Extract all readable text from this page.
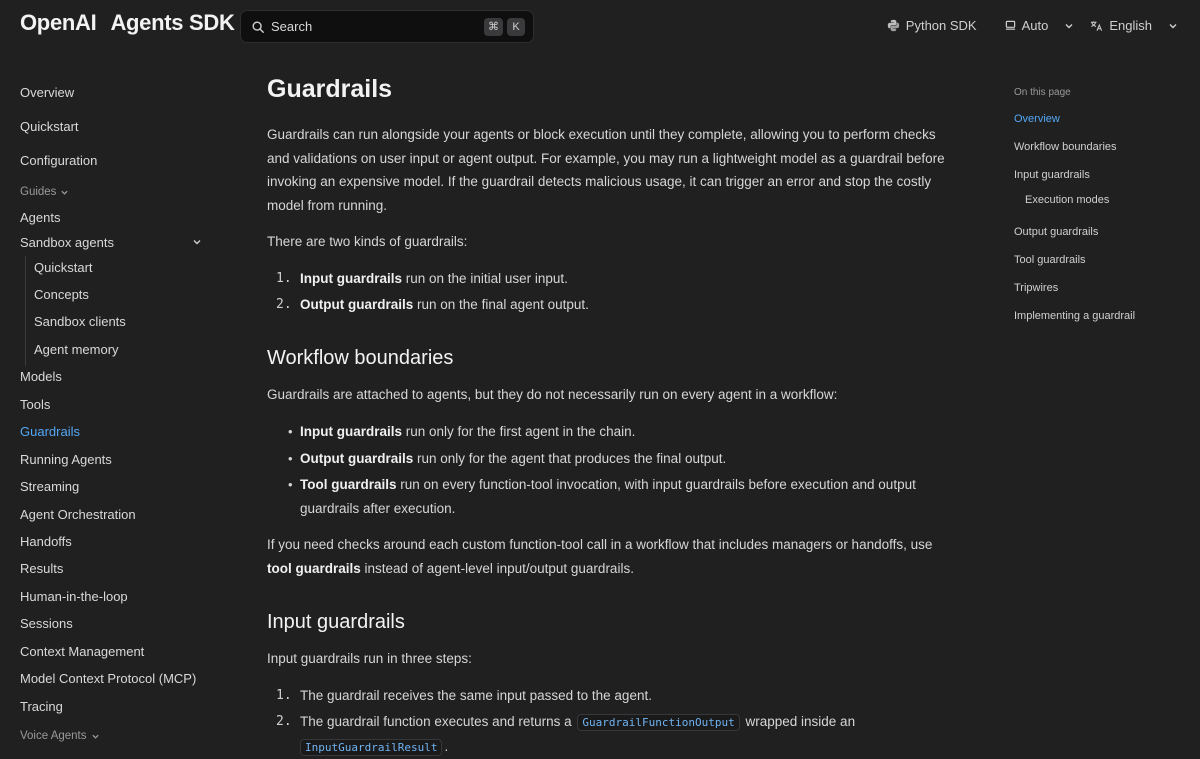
OpenAI Agents SDK	Search	⌘	K	Python SDK	Auto	English
Overview
Quickstart
Configuration
Guides
Agents
Sandbox agents
Quickstart
Concepts
Sandbox clients
Agent memory
Models
Tools
Guardrails
Running Agents
Streaming
Agent Orchestration
Handoffs
Results
Human-in-the-loop
Sessions
Context Management
Model Context Protocol (MCP)
Tracing
Voice Agents
Guardrails
Guardrails can run alongside your agents or block execution until they complete, allowing you to perform checks
and validations on user input or agent output. For example, you may run a lightweight model as a guardrail before
invoking an expensive model. If the guardrail detects malicious usage, it can trigger an error and stop the costly
model from running.
There are two kinds of guardrails:
1. Input guardrails run on the initial user input.
2. Output guardrails run on the final agent output.
Workflow boundaries
Guardrails are attached to agents, but they do not necessarily run on every agent in a workflow:
• Input guardrails run only for the first agent in the chain.
• Output guardrails run only for the agent that produces the final output.
• Tool guardrails run on every function-tool invocation, with input guardrails before execution and output
guardrails after execution.
If you need checks around each custom function-tool call in a workflow that includes managers or handoffs, use
tool guardrails instead of agent-level input/output guardrails.
Input guardrails
Input guardrails run in three steps:
1. The guardrail receives the same input passed to the agent.
2. The guardrail function executes and returns a GuardrailFunctionOutput wrapped inside an
InputGuardrailResult .
On this page
Overview
Workflow boundaries
Input guardrails
Execution modes
Output guardrails
Tool guardrails
Tripwires
Implementing a guardrail
